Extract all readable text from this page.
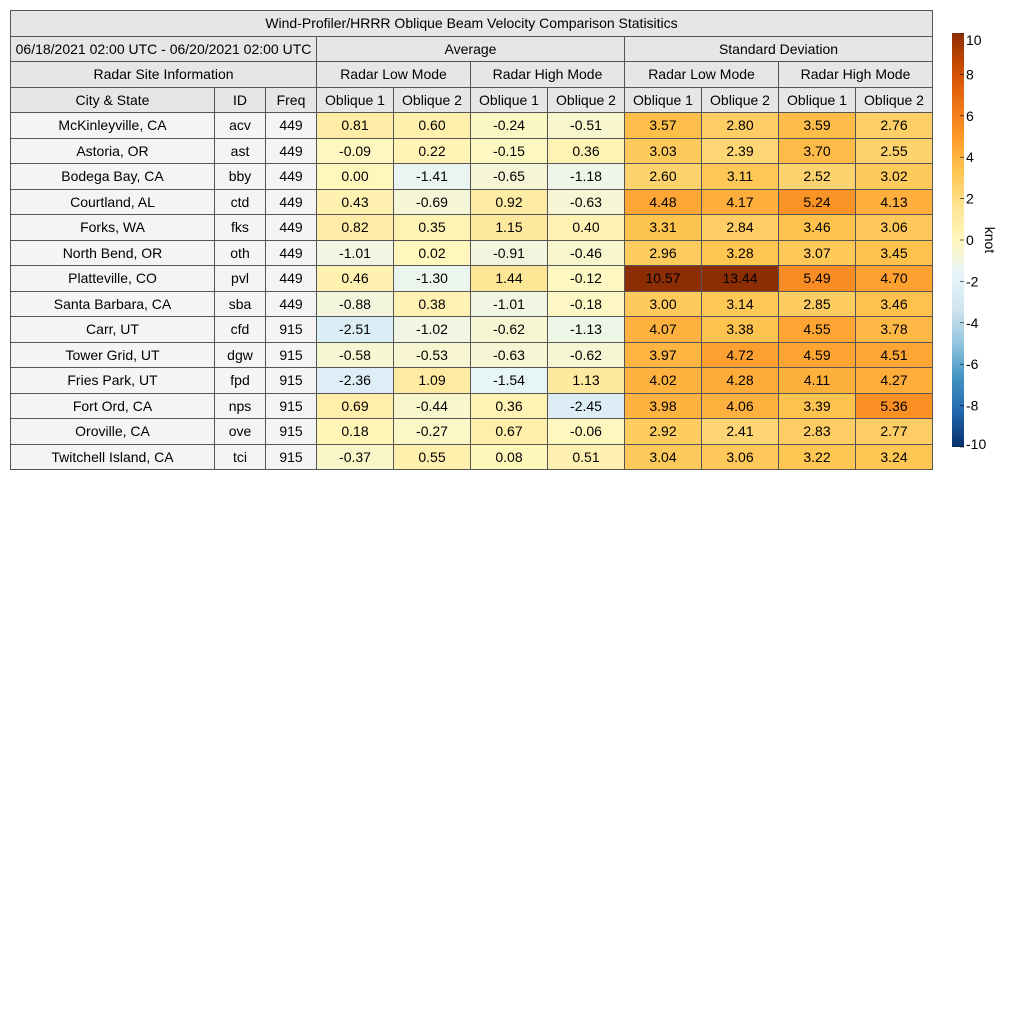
Wind-Profiler/HRRR Oblique Beam Velocity Comparison Statisitics										
06/18/2021 02:00 UTC - 06/20/2021 02:00 UTC			Average				Standard Deviation			
Radar Site Information			Radar Low Mode		Radar High Mode		Radar Low Mode		Radar High Mode	
City & State	ID	Freq	Oblique 1	Oblique 2	Oblique 1	Oblique 2	Oblique 1	Oblique 2	Oblique 1	Oblique 2
McKinleyville, CA	acv	449	0.81	0.60	-0.24	-0.51	3.57	2.80	3.59	2.76
Astoria, OR	ast	449	-0.09	0.22	-0.15	0.36	3.03	2.39	3.70	2.55
Bodega Bay, CA	bby	449	0.00	-1.41	-0.65	-1.18	2.60	3.11	2.52	3.02
Courtland, AL	ctd	449	0.43	-0.69	0.92	-0.63	4.48	4.17	5.24	4.13
Forks, WA	fks	449	0.82	0.35	1.15	0.40	3.31	2.84	3.46	3.06
North Bend, OR	oth	449	-1.01	0.02	-0.91	-0.46	2.96	3.28	3.07	3.45
Platteville, CO	pvl	449	0.46	-1.30	1.44	-0.12	10.57	13.44	5.49	4.70
Santa Barbara, CA	sba	449	-0.88	0.38	-1.01	-0.18	3.00	3.14	2.85	3.46
Carr, UT	cfd	915	-2.51	-1.02	-0.62	-1.13	4.07	3.38	4.55	3.78
Tower Grid, UT	dgw	915	-0.58	-0.53	-0.63	-0.62	3.97	4.72	4.59	4.51
Fries Park, UT	fpd	915	-2.36	1.09	-1.54	1.13	4.02	4.28	4.11	4.27
Fort Ord, CA	nps	915	0.69	-0.44	0.36	-2.45	3.98	4.06	3.39	5.36
Oroville, CA	ove	915	0.18	-0.27	0.67	-0.06	2.92	2.41	2.83	2.77
Twitchell Island, CA	tci	915	-0.37	0.55	0.08	0.51	3.04	3.06	3.22	3.24
10
8
6
4
2
0
-2
-4
-6
-8
-10
knot
